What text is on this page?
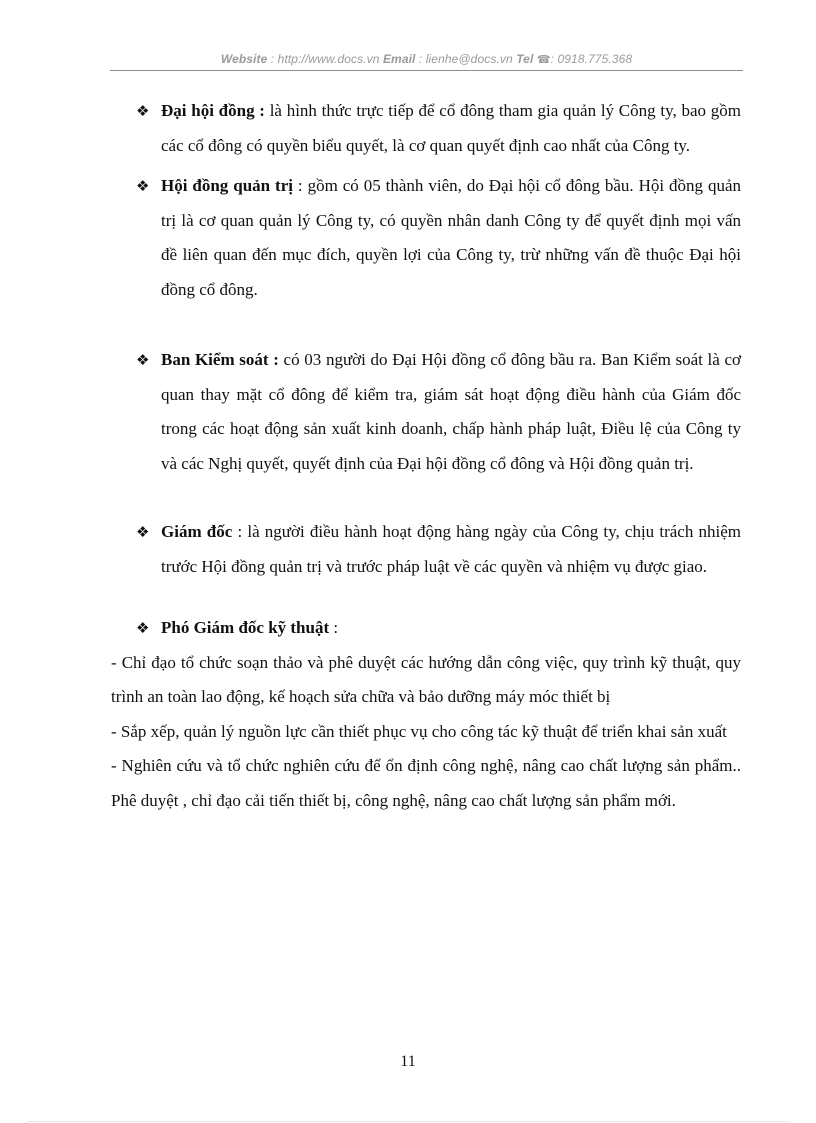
Website : http://www.docs.vn Email : lienhe@docs.vn Tel ☎: 0918.775.368

❖ Đại hội đồng : là hình thức trực tiếp để cổ đông tham gia quản lý Công ty, bao gồm các cổ đông có quyền biểu quyết, là cơ quan quyết định cao nhất của Công ty.

❖ Hội đồng quản trị : gồm có 05 thành viên, do Đại hội cổ đông bầu. Hội đồng quản trị là cơ quan quản lý Công ty, có quyền nhân danh Công ty để quyết định mọi vấn đề liên quan đến mục đích, quyền lợi của Công ty, trừ những vấn đề thuộc Đại hội đồng cổ đông.

❖ Ban Kiểm soát : có 03 người do Đại Hội đồng cổ đông bầu ra. Ban Kiểm soát là cơ quan thay mặt cổ đông để kiểm tra, giám sát hoạt động điều hành của Giám đốc trong các hoạt động sản xuất kinh doanh, chấp hành pháp luật, Điều lệ của Công ty và các Nghị quyết, quyết định của Đại hội đồng cổ đông và Hội đồng quản trị.

❖ Giám đốc : là người điều hành hoạt động hàng ngày của Công ty, chịu trách nhiệm trước Hội đồng quản trị và trước pháp luật về các quyền và nhiệm vụ được giao.

❖ Phó Giám đốc kỹ thuật :

- Chỉ đạo tổ chức soạn thảo và phê duyệt các hướng dẫn công việc, quy trình kỹ thuật, quy trình an toàn lao động, kế hoạch sửa chữa và bảo dưỡng máy móc thiết bị

- Sắp xếp, quản lý nguồn lực cần thiết phục vụ cho công tác kỹ thuật để triển khai sản xuất

- Nghiên cứu và tổ chức nghiên cứu để ổn định công nghệ, nâng cao chất lượng sản phẩm.. Phê duyệt , chỉ đạo cải tiến thiết bị, công nghệ, nâng cao chất lượng sản phẩm mới.

11
